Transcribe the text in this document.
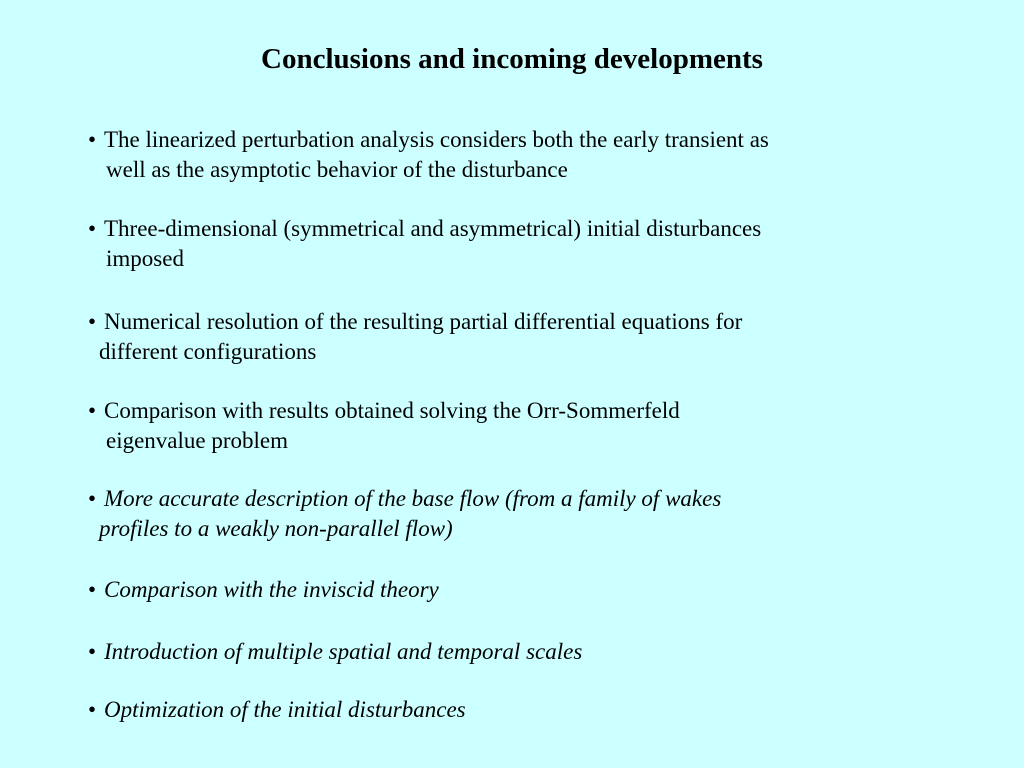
Conclusions and incoming developments
• The linearized perturbation analysis considers both the early transient as
well as the asymptotic behavior of the disturbance
• Three-dimensional (symmetrical and asymmetrical) initial disturbances
imposed
• Numerical resolution of the resulting partial differential equations for
different configurations
• Comparison with results obtained solving the Orr-Sommerfeld
eigenvalue problem
• More accurate description of the base flow (from a family of wakes
profiles to a weakly non-parallel flow)
• Comparison with the inviscid theory
• Introduction of multiple spatial and temporal scales
• Optimization of the initial disturbances
